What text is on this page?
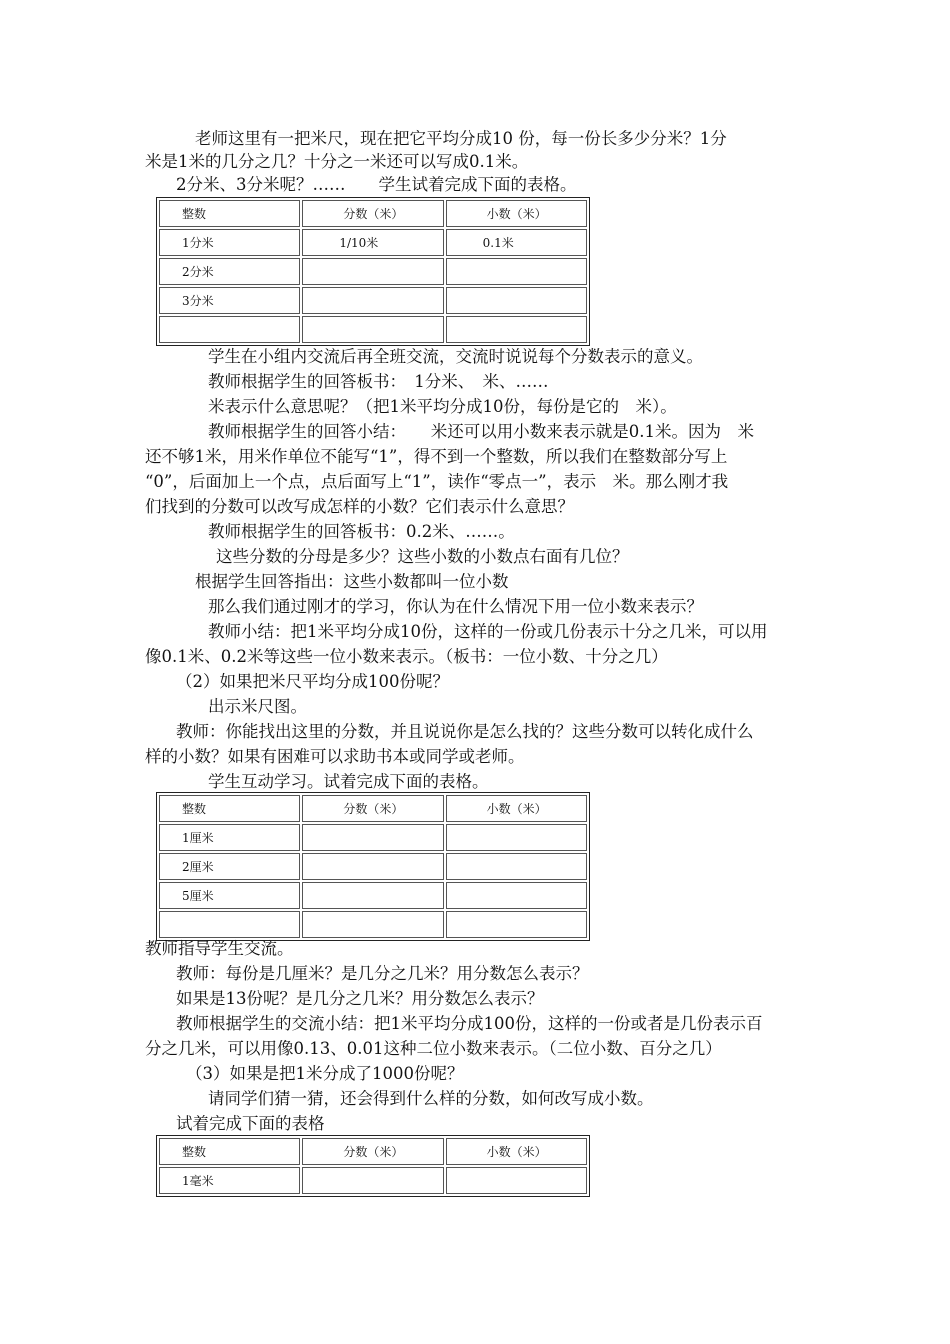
老师这里有一把米尺，现在把它平均分成10 份，每一份长多少分米？1分
米是1米的几分之几？十分之一米还可以写成0.1米。
2分米、3分米呢？……　　学生试着完成下面的表格。
整数	分数（米）	小数（米）
1分米	1/10米	0.1米
2分米		
3分米		

学生在小组内交流后再全班交流，交流时说说每个分数表示的意义。
教师根据学生的回答板书：　1分米、　米、……
米表示什么意思呢？（把1米平均分成10份，每份是它的　米）。
教师根据学生的回答小结：　　米还可以用小数来表示就是0.1米。因为　米
还不够1米，用米作单位不能写“1”，得不到一个整数，所以我们在整数部分写上
“0”，后面加上一个点，点后面写上“1”，读作“零点一”，表示　米。那么刚才我
们找到的分数可以改写成怎样的小数？它们表示什么意思？
教师根据学生的回答板书：0.2米、……。
这些分数的分母是多少？这些小数的小数点右面有几位？
根据学生回答指出：这些小数都叫一位小数
那么我们通过刚才的学习，你认为在什么情况下用一位小数来表示？
教师小结：把1米平均分成10份，这样的一份或几份表示十分之几米，可以用
像0.1米、0.2米等这些一位小数来表示。（板书：一位小数、十分之几）
（2）如果把米尺平均分成100份呢？
出示米尺图。
教师：你能找出这里的分数，并且说说你是怎么找的？这些分数可以转化成什么
样的小数？如果有困难可以求助书本或同学或老师。
学生互动学习。试着完成下面的表格。
整数	分数（米）	小数（米）
1厘米		
2厘米		
5厘米		

教师指导学生交流。
教师：每份是几厘米？是几分之几米？用分数怎么表示？
如果是13份呢？是几分之几米？用分数怎么表示？
教师根据学生的交流小结：把1米平均分成100份，这样的一份或者是几份表示百
分之几米，可以用像0.13、0.01这种二位小数来表示。（二位小数、百分之几）
（3）如果是把1米分成了1000份呢？
请同学们猜一猜，还会得到什么样的分数，如何改写成小数。
试着完成下面的表格
整数	分数（米）	小数（米）
1毫米		
